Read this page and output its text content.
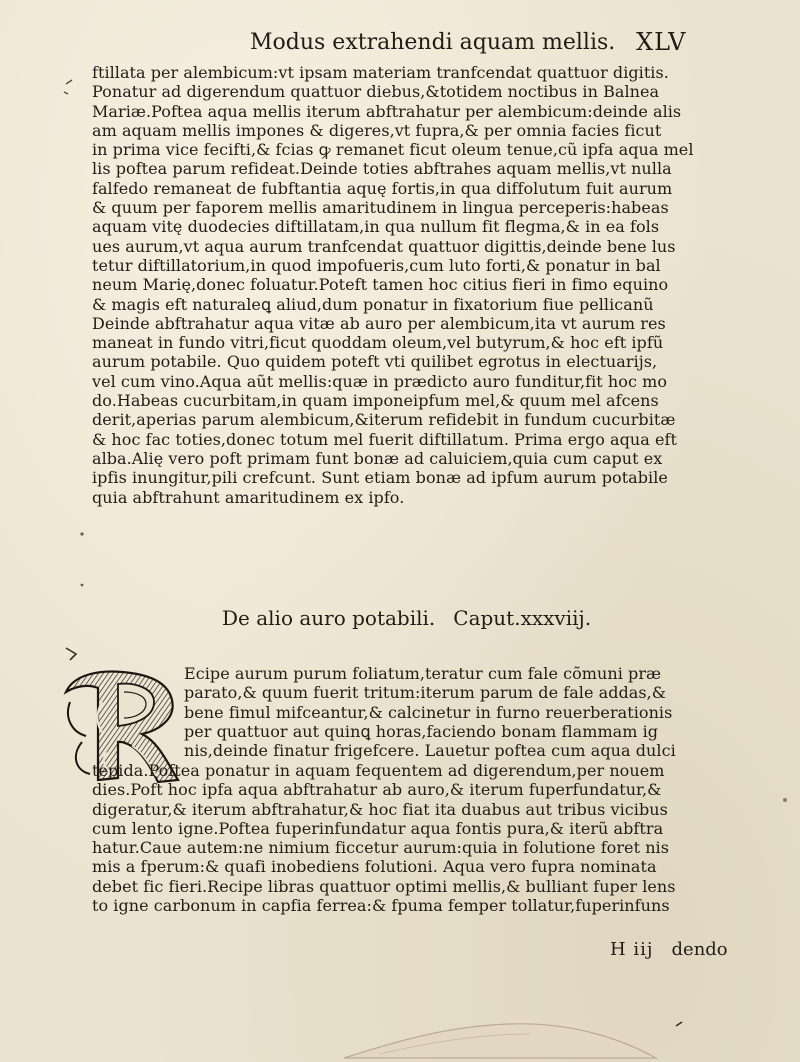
Modus extrahendi aquam mellis. XLV
ftillata per alembicum:vt ipsam materiam tranfcendat quattuor digitis.
Ponatur ad digerendum quattuor diebus,&totidem noctibus in Balnea
Mariæ.Poftea aqua mellis iterum abftrahatur per alembicum:deinde alis
am aquam mellis impones & digeres,vt fupra,& per omnia facies ficut
in prima vice fecifti,& fcias ꝙ remanet ficut oleum tenue,cũ ipfa aqua mel
lis poftea parum refideat.Deinde toties abftrahes aquam mellis,vt nulla
falfedo remaneat de fubftantia aquę fortis,in qua diffolutum fuit aurum
& quum per faporem mellis amaritudinem in lingua perceperis:habeas
aquam vitę duodecies diftillatam,in qua nullum fit flegma,& in ea fols
ues aurum,vt aqua aurum tranfcendat quattuor digittis,deinde bene lus
tetur diftillatorium,in quod impofueris,cum luto forti,& ponatur in bal
neum Marię,donec foluatur.Poteft tamen hoc citius fieri in fimo equino
& magis eft naturaleꝗ aliud,dum ponatur in fixatorium fiue pellicanũ
Deinde abftrahatur aqua vitæ ab auro per alembicum,ita vt aurum res
maneat in fundo vitri,ficut quoddam oleum,vel butyrum,& hoc eft ipfũ
aurum potabile. Quo quidem poteft vti quilibet egrotus in electuarijs,
vel cum vino.Aqua aũt mellis:quæ in prædicto auro funditur,fit hoc mo
do.Habeas cucurbitam,in quam imponeipfum mel,& quum mel afcens
derit,aperias parum alembicum,&iterum refidebit in fundum cucurbitæ
& hoc fac toties,donec totum mel fuerit diftillatum. Prima ergo aqua eft
alba.Alię vero poft primam funt bonæ ad caluiciem,quia cum caput ex
ipfis inungitur,pili crefcunt. Sunt etiam bonæ ad ipfum aurum potabile
quia abftrahunt amaritudinem ex ipfo.
De alio auro potabili. Caput.xxxviij.
Ecipe aurum purum foliatum,teratur cum fale cõmuni præ
parato,& quum fuerit tritum:iterum parum de fale addas,&
bene fimul mifceantur,& calcinetur in furno reuerberationis
per quattuor aut quinꝗ horas,faciendo bonam flammam ig
nis,deinde finatur frigefcere. Lauetur poftea cum aqua dulci
tepida.Poftea ponatur in aquam fequentem ad digerendum,per nouem
dies.Poft hoc ipfa aqua abftrahatur ab auro,& iterum fuperfundatur,&
digeratur,& iterum abftrahatur,& hoc fiat ita duabus aut tribus vicibus
cum lento igne.Poftea fuperinfundatur aqua fontis pura,& iterũ abftra
hatur.Caue autem:ne nimium ficcetur aurum:quia in folutione foret nis
mis a fperum:& quafi inobediens folutioni. Aqua vero fupra nominata
debet fic fieri.Recipe libras quattuor optimi mellis,& bulliant fuper lens
to igne carbonum in capfia ferrea:& fpuma femper tollatur,fuperinfuns
H iij dendo
